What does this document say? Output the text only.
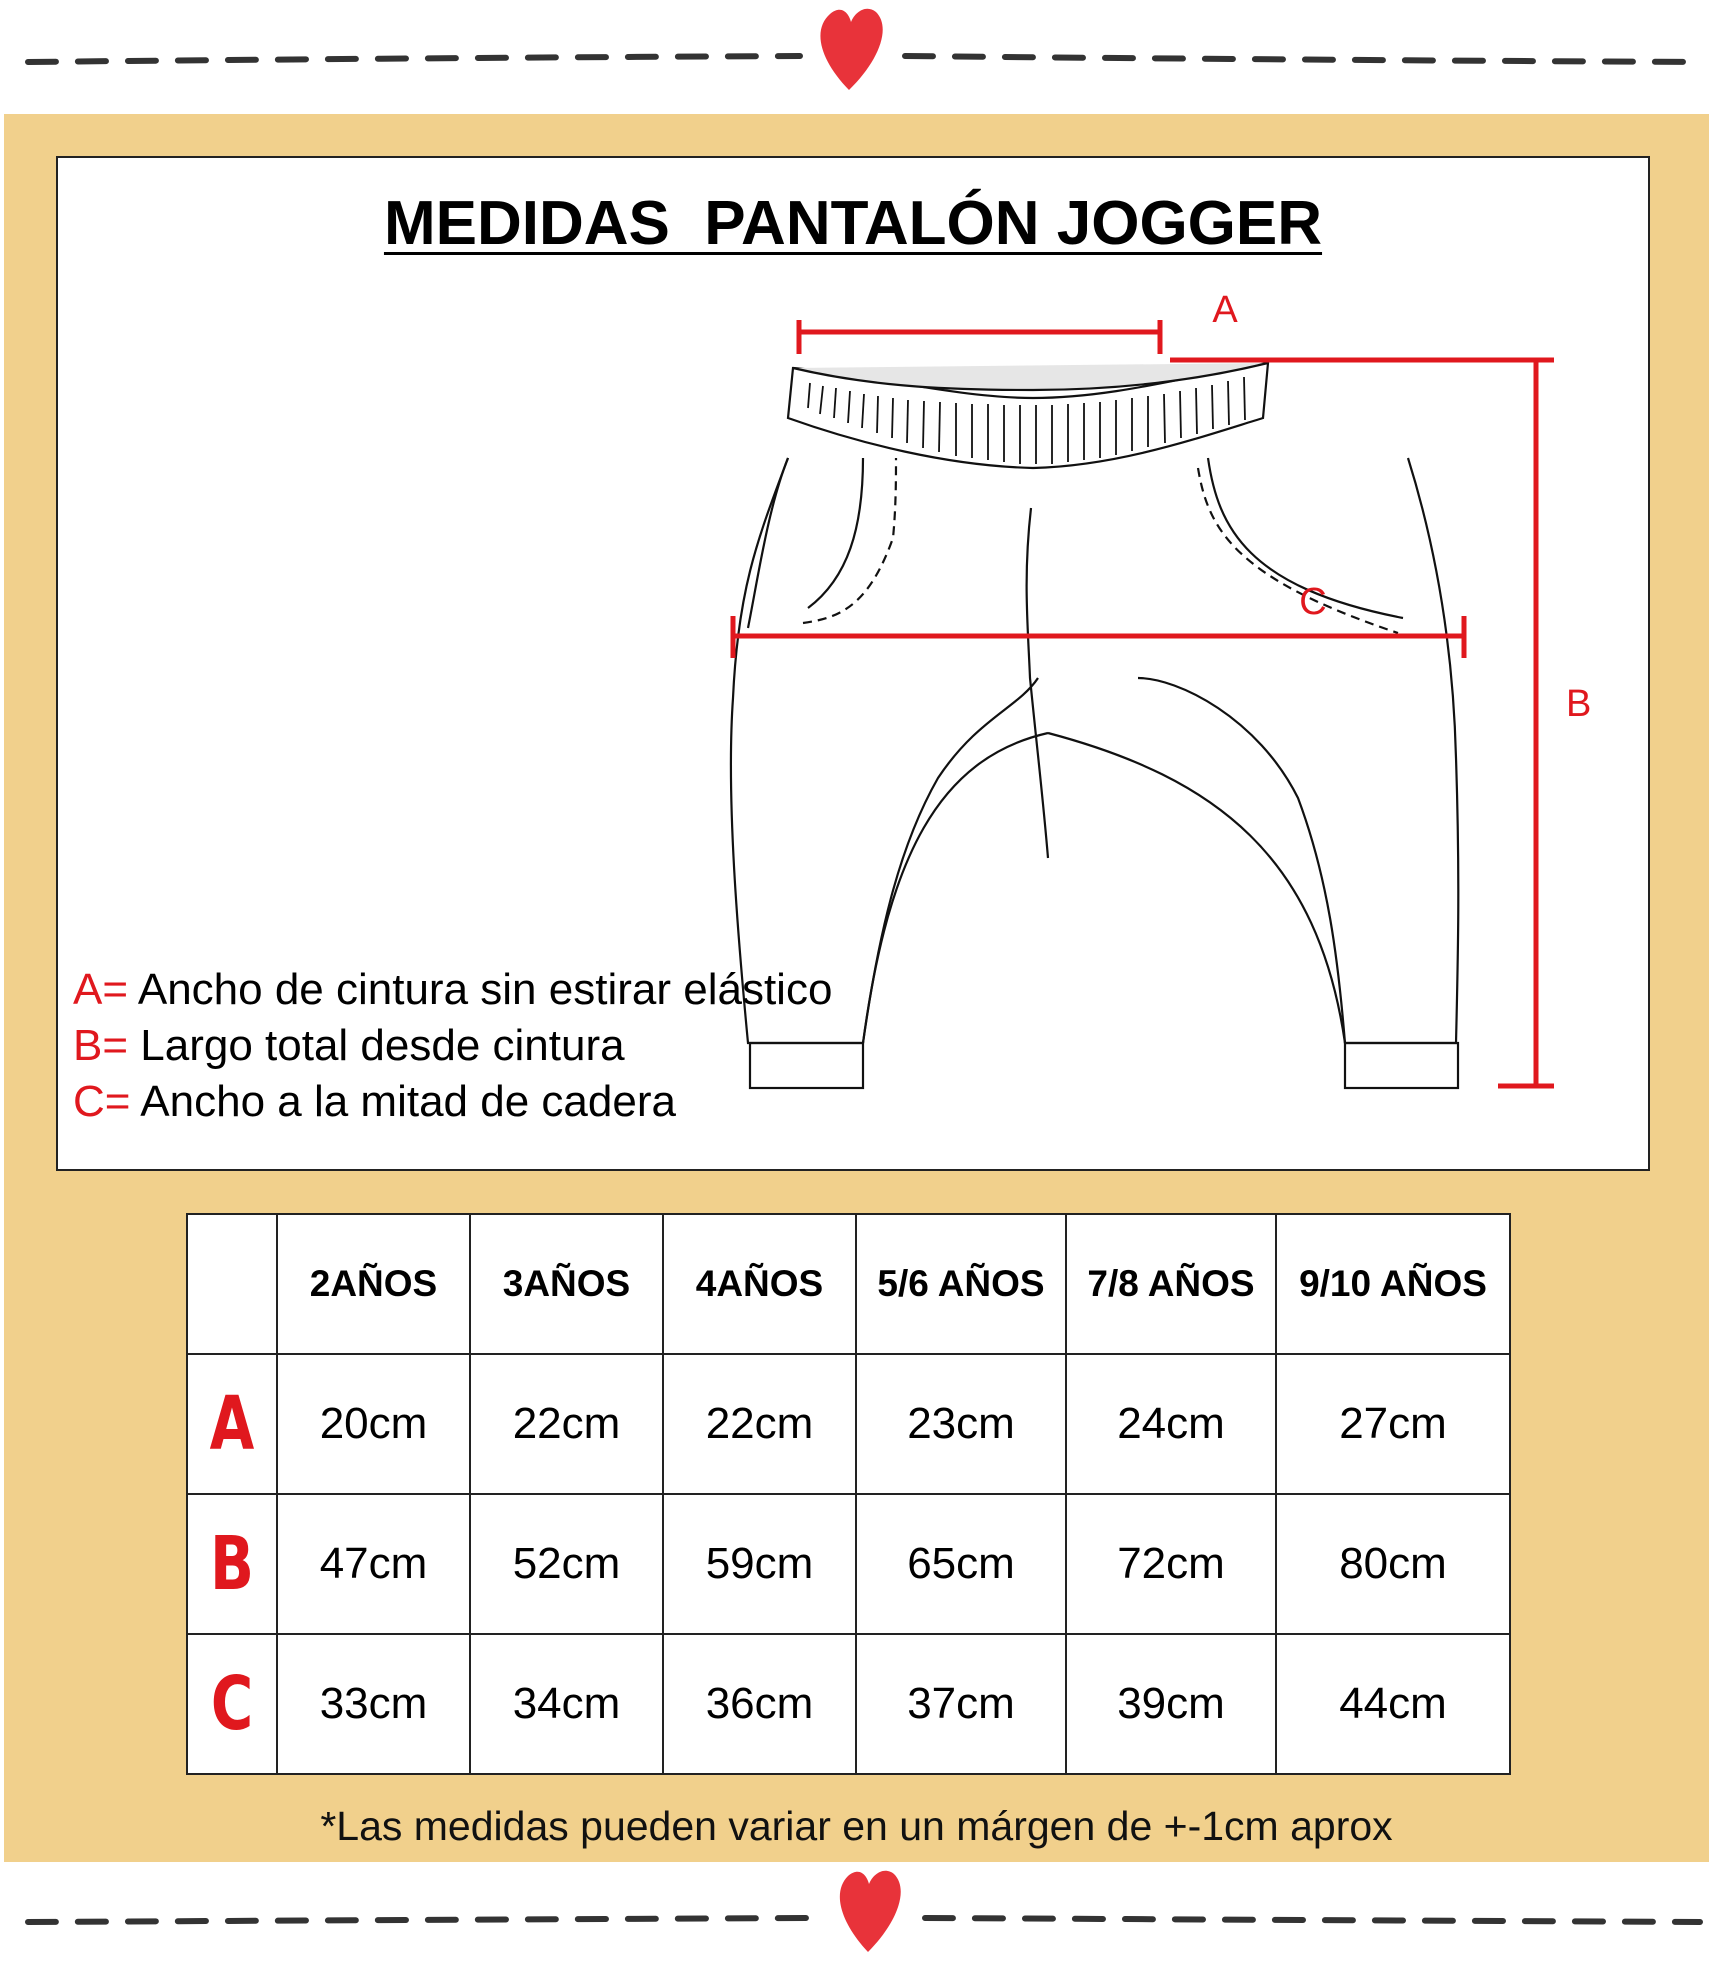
MEDIDAS  PANTALÓN JOGGER
A
B
C
A= Ancho de cintura sin estirar elástico
B= Largo total desde cintura
C= Ancho a la mitad de cadera
	2AÑOS	3AÑOS	4AÑOS	5/6 AÑOS	7/8 AÑOS	9/10 AÑOS
A	20cm	22cm	22cm	23cm	24cm	27cm
B	47cm	52cm	59cm	65cm	72cm	80cm
C	33cm	34cm	36cm	37cm	39cm	44cm
*Las medidas pueden variar en un márgen de +-1cm aprox
